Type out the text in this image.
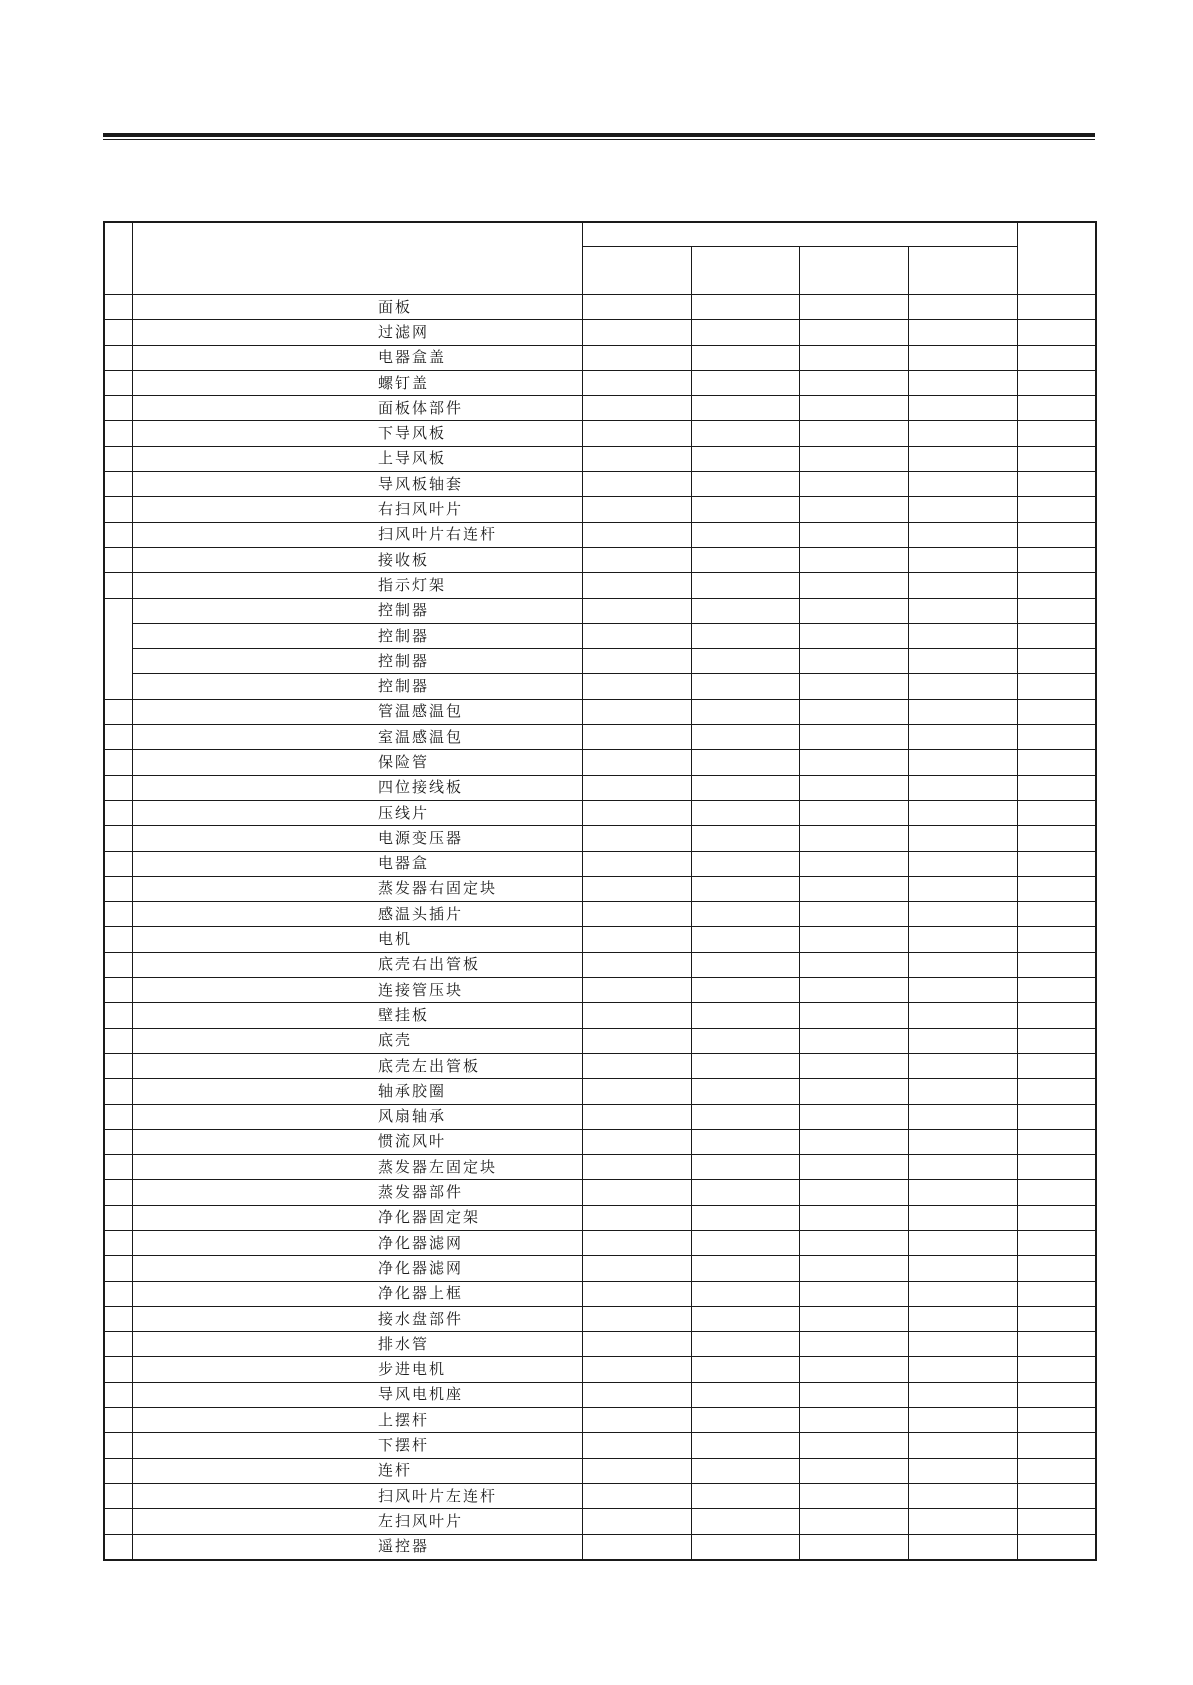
		面板					
		过滤网					
		电器盒盖					
		螺钉盖					
		面板体部件					
		下导风板					
		上导风板					
		导风板轴套					
		右扫风叶片					
		扫风叶片右连杆					
		接收板					
		指示灯架					
		控制器					
		控制器					
		控制器					
		控制器					
		管温感温包					
		室温感温包					
		保险管					
		四位接线板					
		压线片					
		电源变压器					
		电器盒					
		蒸发器右固定块					
		感温头插片					
		电机					
		底壳右出管板					
		连接管压块					
		壁挂板					
		底壳					
		底壳左出管板					
		轴承胶圈					
		风扇轴承					
		惯流风叶					
		蒸发器左固定块					
		蒸发器部件					
		净化器固定架					
		净化器滤网					
		净化器滤网					
		净化器上框					
		接水盘部件					
		排水管					
		步进电机					
		导风电机座					
		上摆杆					
		下摆杆					
		连杆					
		扫风叶片左连杆					
		左扫风叶片					
		遥控器					
